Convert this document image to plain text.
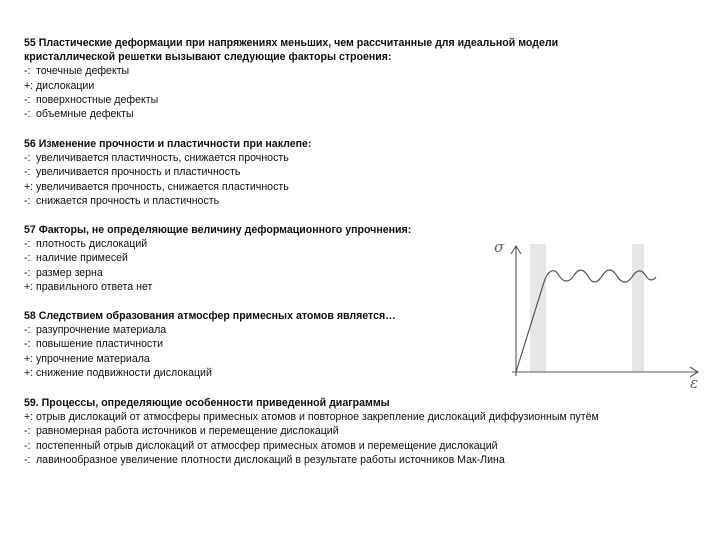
55 Пластические деформации при напряжениях меньших, чем рассчитанные для идеальной модели
кристаллической решетки вызывают следующие факторы строения:
-: точечные дефекты
+: дислокации
-: поверхностные дефекты
-: объемные дефекты
56 Изменение прочности и пластичности при наклепе:
-: увеличивается пластичность, снижается прочность
-: увеличивается прочность и пластичность
+: увеличивается прочность, снижается пластичность
-: снижается прочность и пластичность
57 Факторы, не определяющие величину деформационного упрочнения:
-: плотность дислокаций
-: наличие примесей
-: размер зерна
+: правильного ответа нет
58 Следствием образования атмосфер примесных атомов является…
-: разупрочнение материала
-: повышение пластичности
+: упрочнение материала
+: снижение подвижности дислокаций
59. Процессы, определяющие особенности приведенной диаграммы
+: отрыв дислокаций от атмосферы примесных атомов и повторное закрепление дислокаций диффузионным путём
-: равномерная работа источников и перемещение дислокаций
-: постепенный отрыв дислокаций от атмосфер примесных атомов и перемещение дислокаций
-: лавинообразное увеличение плотности дислокаций в результате работы источников Мак-Лина
σ
ε
